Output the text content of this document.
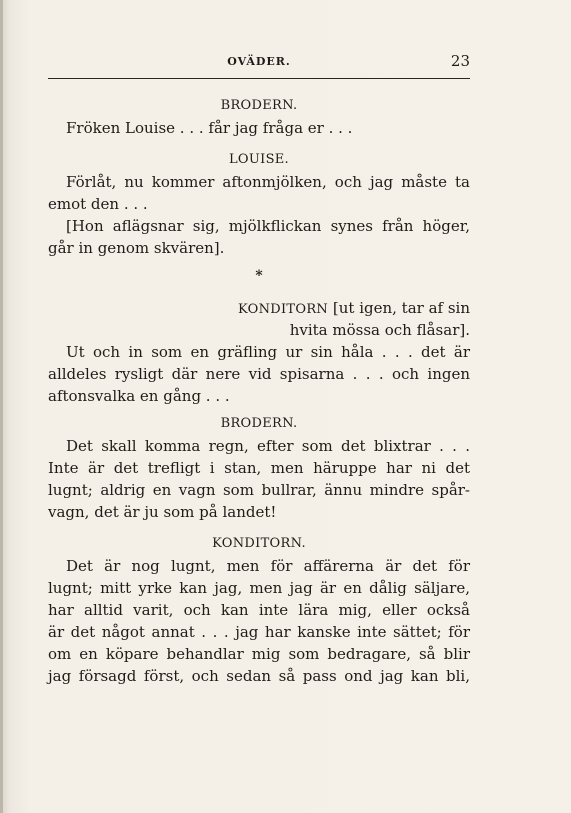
OVÄDER.	23
BRODERN.
Fröken Louise . . . får jag fråga er . . .
LOUISE.
Förlåt, nu kommer aftonmjölken, och jag måste ta
emot den . . .
[Hon aflägsnar sig, mjölkflickan synes från höger,
går in genom skvären].
*
KONDITORN [ut igen, tar af sin
hvita mössa och flåsar].
Ut och in som en gräfling ur sin håla . . . det är
alldeles rysligt där nere vid spisarna . . . och ingen
aftonsvalka en gång . . .
BRODERN.
Det skall komma regn, efter som det blixtrar . . .
Inte är det trefligt i stan, men häruppe har ni det
lugnt; aldrig en vagn som bullrar, ännu mindre spår-
vagn, det är ju som på landet!
KONDITORN.
Det är nog lugnt, men för affärerna är det för
lugnt; mitt yrke kan jag, men jag är en dålig säljare,
har alltid varit, och kan inte lära mig, eller också
är det något annat . . . jag har kanske inte sättet; för
om en köpare behandlar mig som bedragare, så blir
jag försagd först, och sedan så pass ond jag kan bli,
